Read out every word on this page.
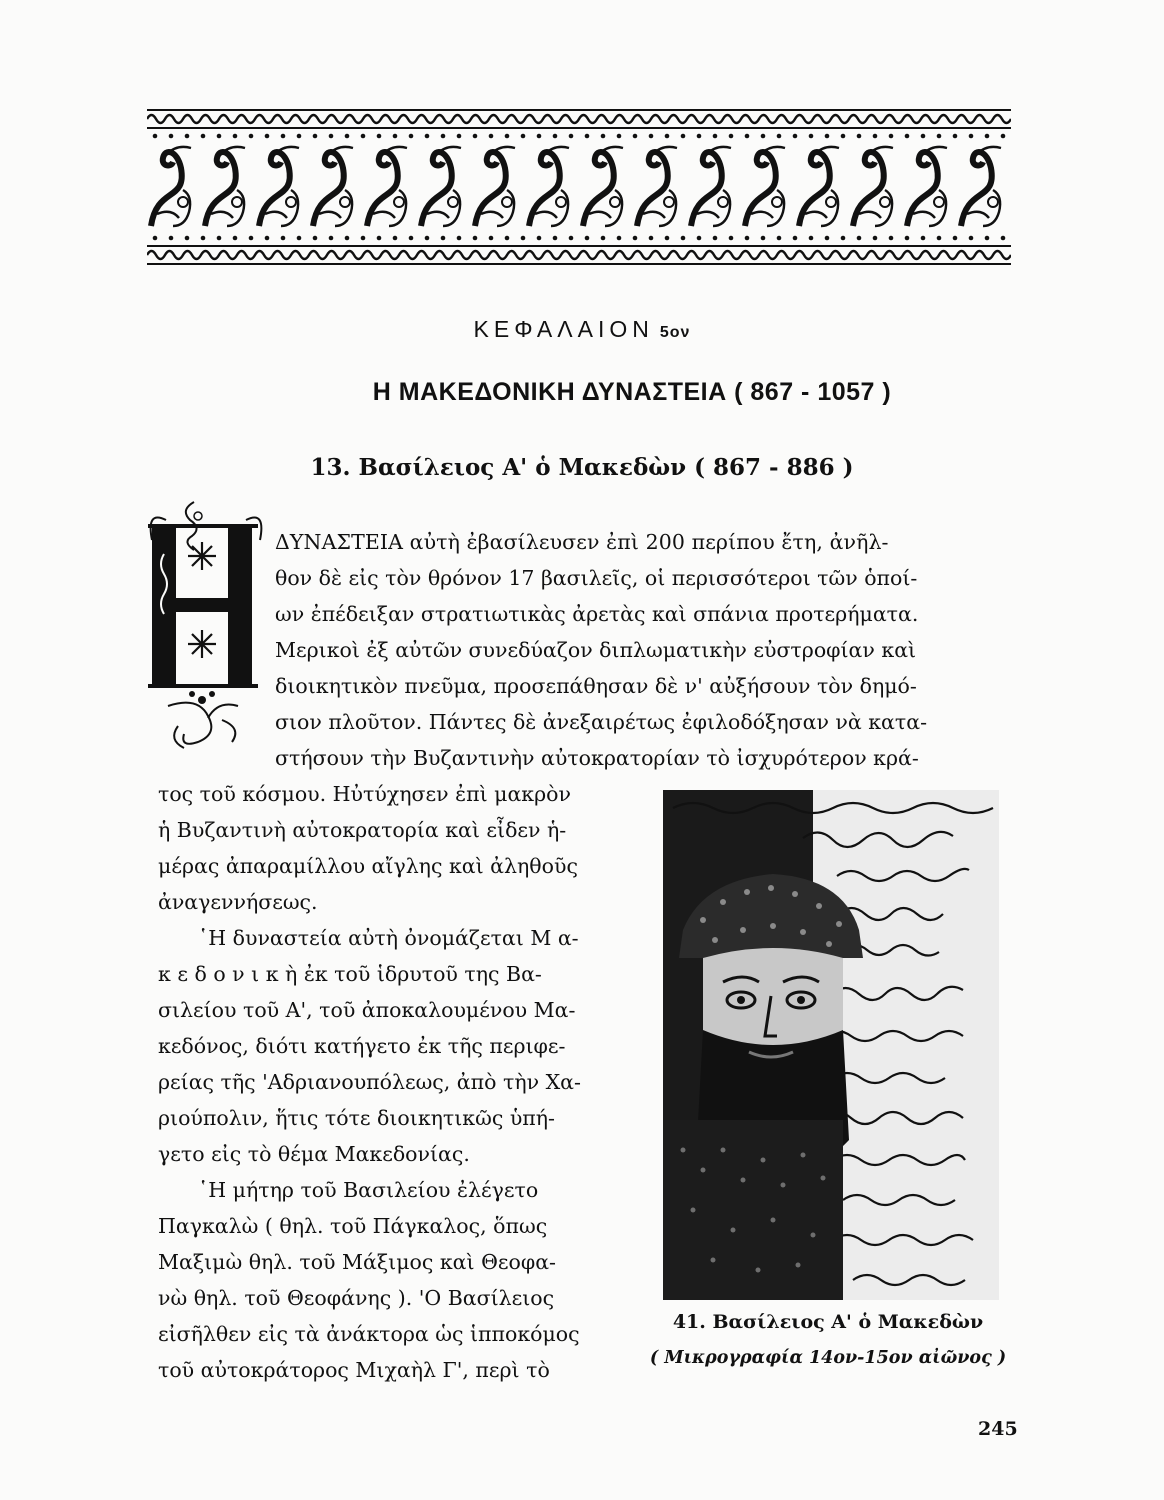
ΚΕΦΑΛΑΙΟΝ 5ον
Η ΜΑΚΕΔΟΝΙΚΗ ΔΥΝΑΣΤΕΙΑ ( 867 - 1057 )
13. Βασίλειος Α' ὁ Μακεδὼν ( 867 - 886 )
Η
ΔΥΝΑΣΤΕΙΑ αὐτὴ ἐβασίλευσεν ἐπὶ 200 περίπου ἔτη, ἀνῆλ-
θον δὲ εἰς τὸν θρόνον 17 βασιλεῖς, οἱ περισσότεροι τῶν ὁποί-
ων ἐπέδειξαν στρατιωτικὰς ἀρετὰς καὶ σπάνια προτερήματα.
Μερικοὶ ἐξ αὐτῶν συνεδύαζον διπλωματικὴν εὐστροφίαν καὶ
διοικητικὸν πνεῦμα, προσεπάθησαν δὲ ν' αὐξήσουν τὸν δημό-
σιον πλοῦτον. Πάντες δὲ ἀνεξαιρέτως ἐφιλοδόξησαν νὰ κατα-
στήσουν τὴν Βυζαντινὴν αὐτοκρατορίαν τὸ ἰσχυρότερον κρά-
τος τοῦ κόσμου. Ηὐτύχησεν ἐπὶ μακρὸν
ἡ Βυζαντινὴ αὐτοκρατορία καὶ εἶδεν ἡ-
μέρας ἀπαραμίλλου αἴγλης καὶ ἀληθοῦς
ἀναγεννήσεως.
῾Η δυναστεία αὐτὴ ὀνομάζεται Μ α-
κ ε δ ο ν ι κ ὴ ἐκ τοῦ ἱδρυτοῦ της Βα-
σιλείου τοῦ Α', τοῦ ἀποκαλουμένου Μα-
κεδόνος, διότι κατήγετο ἐκ τῆς περιφε-
ρείας τῆς 'Αδριανουπόλεως, ἀπὸ τὴν Χα-
ριούπολιν, ἥτις τότε διοικητικῶς ὑπή-
γετο εἰς τὸ θέμα Μακεδονίας.
῾Η μήτηρ τοῦ Βασιλείου ἐλέγετο
Παγκαλὼ ( θηλ. τοῦ Πάγκαλος, ὅπως
Μαξιμὼ θηλ. τοῦ Μάξιμος καὶ Θεοφα-
νὼ θηλ. τοῦ Θεοφάνης ). 'Ο Βασίλειος
εἰσῆλθεν εἰς τὰ ἀνάκτορα ὡς ἱπποκόμος
τοῦ αὐτοκράτορος Μιχαὴλ Γ', περὶ τὸ
41. Βασίλειος Α' ὁ Μακεδὼν
( Μικρογραφία 14ον-15ον αἰῶνος )
245
